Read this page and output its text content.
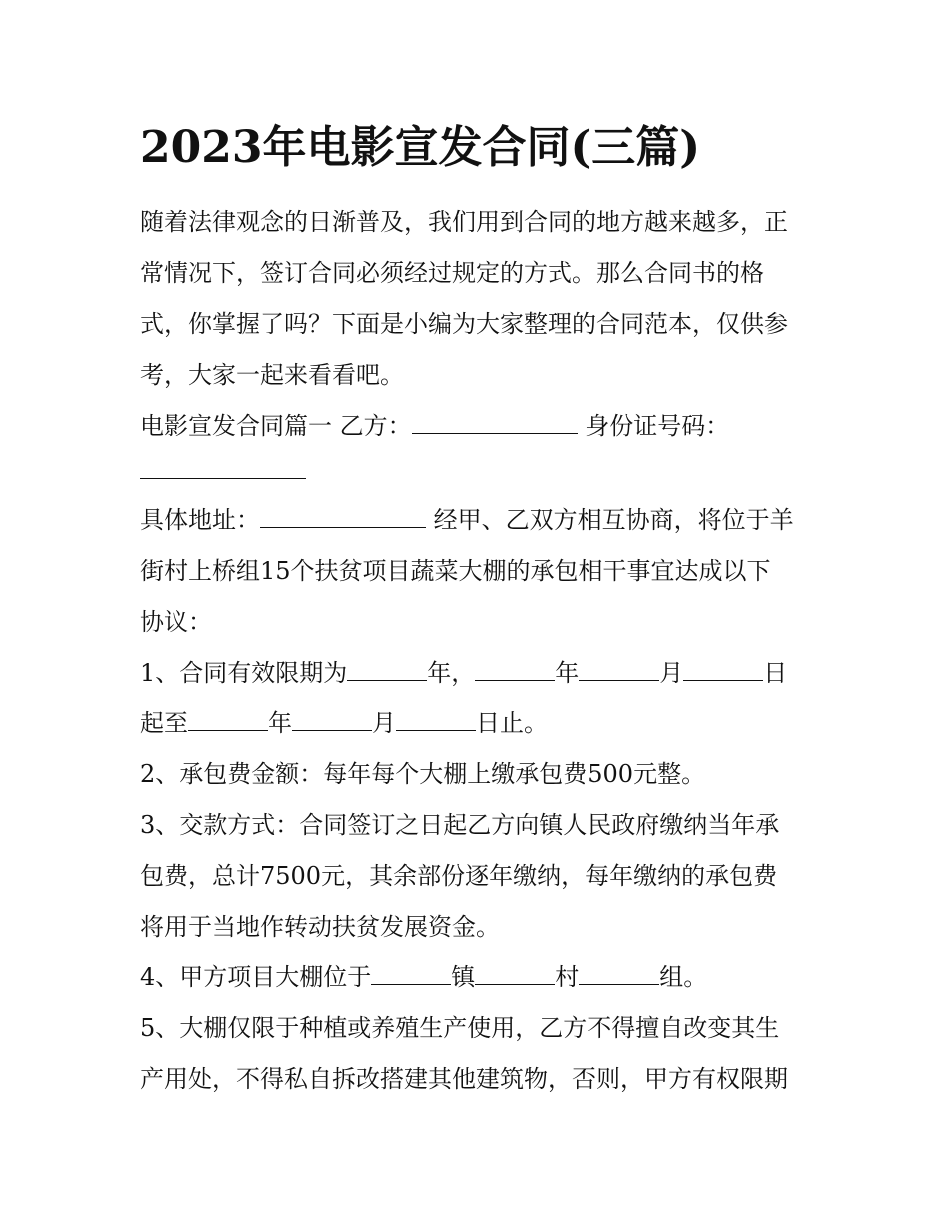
2023年电影宣发合同(三篇)
随着法律观念的日渐普及，我们用到合同的地方越来越多，正
常情况下，签订合同必须经过规定的方式。那么合同书的格
式，你掌握了吗？下面是小编为大家整理的合同范本，仅供参
考，大家一起来看看吧。
电影宣发合同篇一 乙方：	身份证号码：
具体地址：	经甲、乙双方相互协商，将位于羊
街村上桥组15个扶贫项目蔬菜大棚的承包相干事宜达成以下
协议：
1、合同有效限期为	年，	年	月	日
起至	年	月	日止。
2、承包费金额：每年每个大棚上缴承包费500元整。
3、交款方式：合同签订之日起乙方向镇人民政府缴纳当年承
包费，总计7500元，其余部份逐年缴纳，每年缴纳的承包费
将用于当地作转动扶贫发展资金。
4、甲方项目大棚位于	镇	村	组。
5、大棚仅限于种植或养殖生产使用，乙方不得擅自改变其生
产用处，不得私自拆改搭建其他建筑物，否则，甲方有权限期
